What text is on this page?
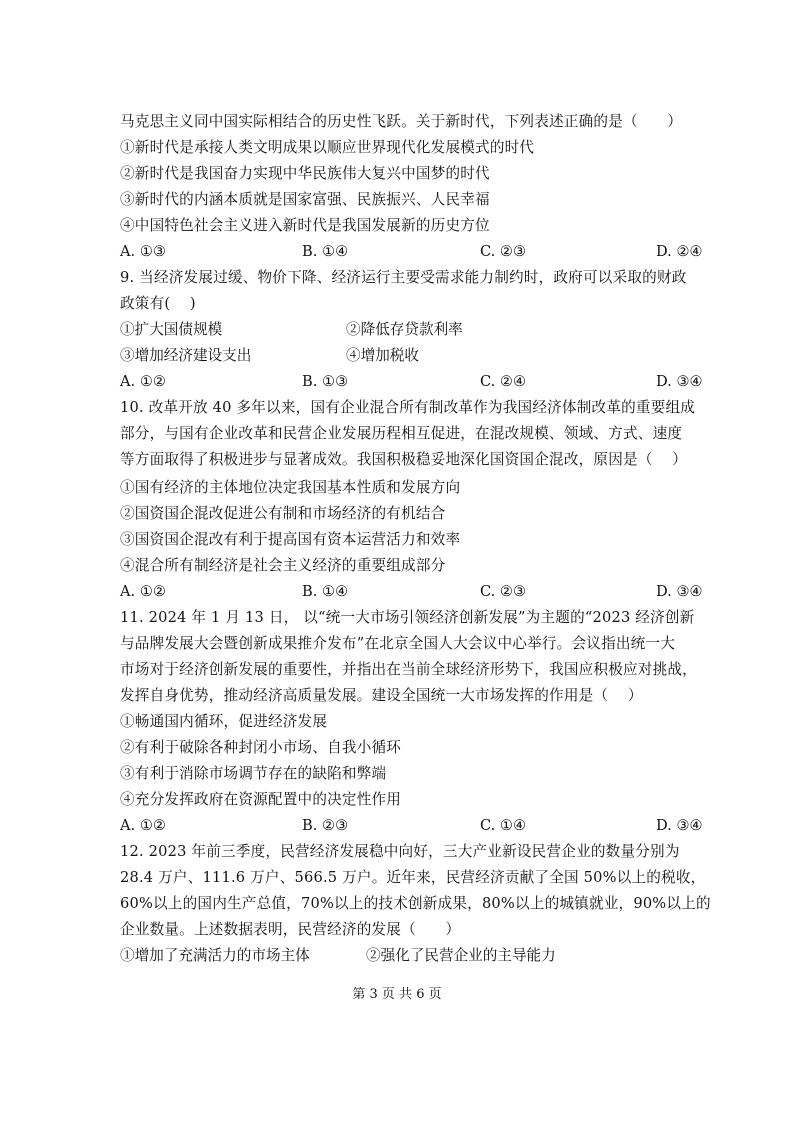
马克思主义同中国实际相结合的历史性飞跃。关于新时代，下列表述正确的是（　　）
①新时代是承接人类文明成果以顺应世界现代化发展模式的时代
②新时代是我国奋力实现中华民族伟大复兴中国梦的时代
③新时代的内涵本质就是国家富强、民族振兴、人民幸福
④中国特色社会主义进入新时代是我国发展新的历史方位
A. ①③	B. ①④	C. ②③	D. ②④
9. 当经济发展过缓、物价下降、经济运行主要受需求能力制约时，政府可以采取的财政
政策有(　 )
①扩大国债规模	②降低存贷款利率
③增加经济建设支出	④增加税收
A. ①②	B. ①③	C. ②④	D. ③④
10. 改革开放 40 多年以来，国有企业混合所有制改革作为我国经济体制改革的重要组成
部分，与国有企业改革和民营企业发展历程相互促进，在混改规模、领域、方式、速度
等方面取得了积极进步与显著成效。我国积极稳妥地深化国资国企混改，原因是（　 ）
①国有经济的主体地位决定我国基本性质和发展方向
②国资国企混改促进公有制和市场经济的有机结合
③国资国企混改有利于提高国有资本运营活力和效率
④混合所有制经济是社会主义经济的重要组成部分
A. ①②	B. ①④	C. ②③	D. ③④
11. 2024 年 1 月 13 日， 以“统一大市场引领经济创新发展”为主题的“2023 经济创新
与品牌发展大会暨创新成果推介发布”在北京全国人大会议中心举行。会议指出统一大
市场对于经济创新发展的重要性，并指出在当前全球经济形势下，我国应积极应对挑战，
发挥自身优势，推动经济高质量发展。建设全国统一大市场发挥的作用是（　 ）
①畅通国内循环，促进经济发展
②有利于破除各种封闭小市场、自我小循环
③有利于消除市场调节存在的缺陷和弊端
④充分发挥政府在资源配置中的决定性作用
A. ①②	B. ②③	C. ①④	D. ③④
12. 2023 年前三季度，民营经济发展稳中向好，三大产业新设民营企业的数量分别为
28.4 万户、111.6 万户、566.5 万户。近年来，民营经济贡献了全国 50%以上的税收，
60%以上的国内生产总值，70%以上的技术创新成果，80%以上的城镇就业，90%以上的
企业数量。上述数据表明，民营经济的发展（　　）
①增加了充满活力的市场主体	②强化了民营企业的主导能力
第 3 页 共 6 页
